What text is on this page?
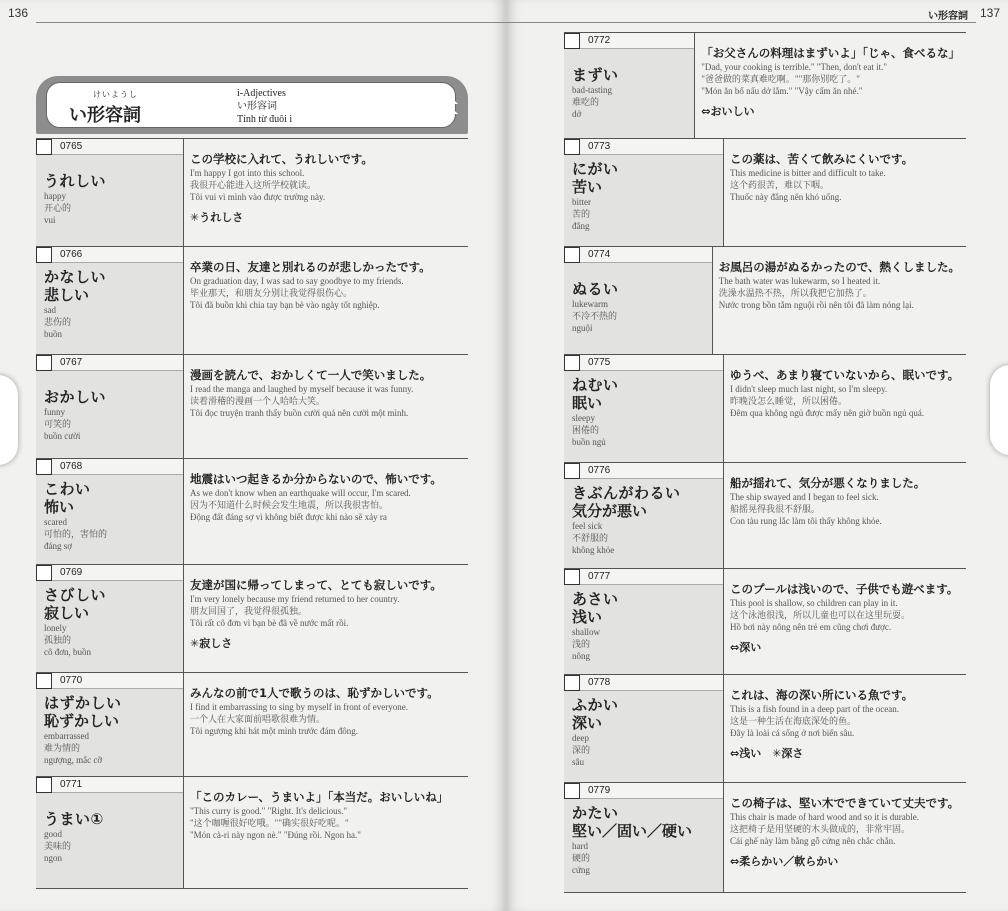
136
けいようし
い形容詞
i-Adjectives
い形容词
Tính từ đuôi i
0765
うれしい
happy
开心的
vui
この学校に入れて、うれしいです。
I'm happy I got into this school.
我很开心能进入这所学校就读。
Tôi vui vì mình vào được trường này.
✳うれしさ
0766
かなしい
悲しい
sad
悲伤的
buồn
卒業の日、友達と別れるのが悲しかったです。
On graduation day, I was sad to say goodbye to my friends.
毕业那天，和朋友分别让我觉得很伤心。
Tôi đã buồn khi chia tay bạn bè vào ngày tốt nghiệp.
0767
おかしい
funny
可笑的
buồn cười
漫画を読んで、おかしくて一人で笑いました。
I read the manga and laughed by myself because it was funny.
读着滑稽的漫画一个人哈哈大笑。
Tôi đọc truyện tranh thấy buồn cười quá nên cười một mình.
0768
こわい
怖い
scared
可怕的，害怕的
đáng sợ
地震はいつ起きるか分からないので、怖いです。
As we don't know when an earthquake will occur, I'm scared.
因为不知道什么时候会发生地震，所以我很害怕。
Động đất đáng sợ vì không biết được khi nào sẽ xảy ra
0769
さびしい
寂しい
lonely
孤独的
cô đơn, buồn
友達が国に帰ってしまって、とても寂しいです。
I'm very lonely because my friend returned to her country.
朋友回国了，我觉得很孤独。
Tôi rất cô đơn vì bạn bè đã về nước mất rồi.
✳寂しさ
0770
はずかしい
恥ずかしい
embarrassed
难为情的
ngượng, mắc cỡ
みんなの前で1人で歌うのは、恥ずかしいです。
I find it embarrassing to sing by myself in front of everyone.
一个人在大家面前唱歌很难为情。
Tôi ngượng khi hát một mình trước đám đông.
0771
うまい①
good
美味的
ngon
「このカレー、うまいよ」「本当だ。おいしいね」
"This curry is good." "Right. It's delicious."
"这个咖喱很好吃哦。""确实很好吃呢。"
"Món cà-ri này ngon nè." "Đúng rồi. Ngon ha."
137
い形容詞
0772
まずい
bad-tasting
难吃的
dở
「お父さんの料理はまずいよ」「じゃ、食べるな」
"Dad, your cooking is terrible." "Then, don't eat it."
"爸爸做的菜真难吃啊。""那你别吃了。"
"Món ăn bố nấu dở lắm." "Vậy cấm ăn nhé."
⇔おいしい
0773
にがい
苦い
bitter
苦的
đắng
この薬は、苦くて飲みにくいです。
This medicine is bitter and difficult to take.
这个药很苦，难以下咽。
Thuốc này đắng nên khó uống.
0774
ぬるい
lukewarm
不冷不热的
nguội
お風呂の湯がぬるかったので、熱くしました。
The bath water was lukewarm, so I heated it.
洗澡水温热不热，所以我把它加热了。
Nước trong bồn tắm nguội rồi nên tôi đã làm nóng lại.
0775
ねむい
眠い
sleepy
困倦的
buồn ngủ
ゆうべ、あまり寝ていないから、眠いです。
I didn't sleep much last night, so I'm sleepy.
昨晚没怎么睡觉，所以困倦。
Đêm qua không ngủ được mấy nên giờ buồn ngủ quá.
0776
きぶんがわるい
気分が悪い
feel sick
不舒服的
không khỏe
船が揺れて、気分が悪くなりました。
The ship swayed and I began to feel sick.
船摇晃得我很不舒服。
Con tàu rung lắc làm tôi thấy không khỏe.
0777
あさい
浅い
shallow
浅的
nông
このプールは浅いので、子供でも遊べます。
This pool is shallow, so children can play in it.
这个泳池很浅，所以儿童也可以在这里玩耍。
Hồ bơi này nông nên trẻ em cũng chơi được.
⇔深い
0778
ふかい
深い
deep
深的
sâu
これは、海の深い所にいる魚です。
This is a fish found in a deep part of the ocean.
这是一种生活在海底深处的鱼。
Đây là loài cá sống ở nơi biển sâu.
⇔浅い　✳深さ
0779
かたい
堅い／固い／硬い
hard
硬的
cứng
この椅子は、堅い木でできていて丈夫です。
This chair is made of hard wood and so it is durable.
这把椅子是用坚硬的木头做成的，非常牢固。
Cái ghế này làm bằng gỗ cứng nên chắc chắn.
⇔柔らかい／軟らかい
